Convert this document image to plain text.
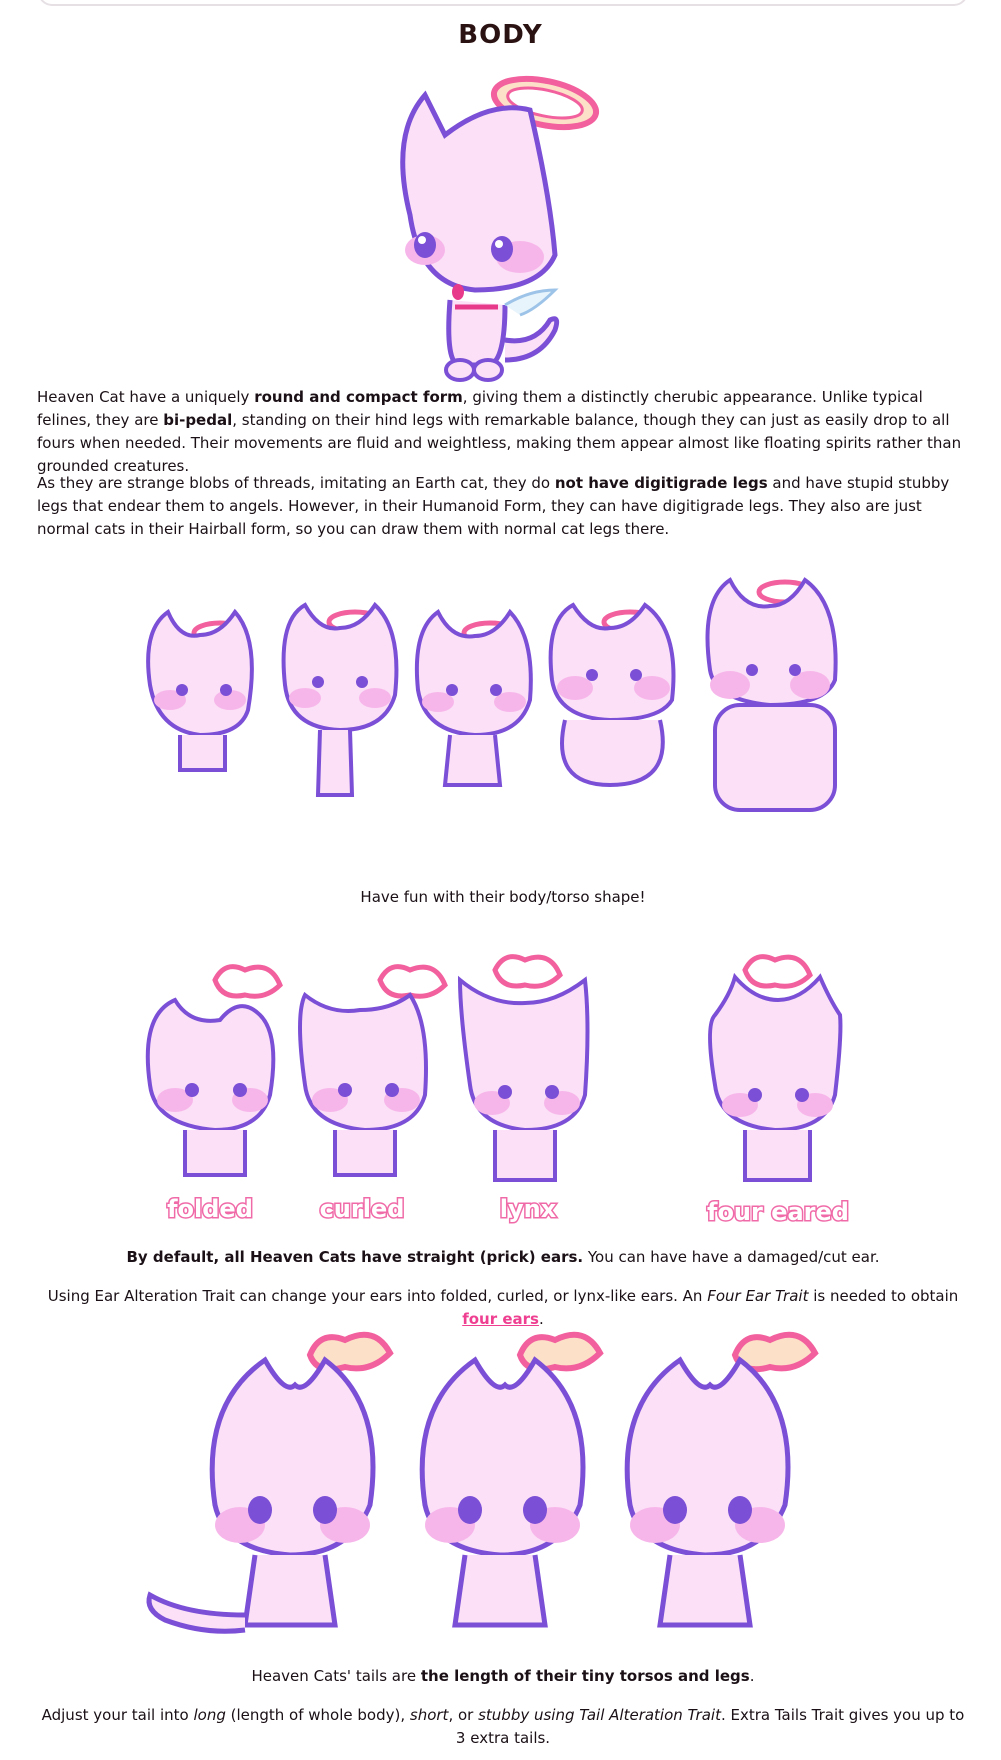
BODY
Heaven Cat have a uniquely round and compact form, giving them a distinctly cherubic appearance. Unlike typical felines, they are bi-pedal, standing on their hind legs with remarkable balance, though they can just as easily drop to all fours when needed. Their movements are fluid and weightless, making them appear almost like floating spirits rather than grounded creatures.
As they are strange blobs of threads, imitating an Earth cat, they do not have digitigrade legs and have stupid stubby legs that endear them to angels. However, in their Humanoid Form, they can have digitigrade legs. They also are just normal cats in their Hairball form, so you can draw them with normal cat legs there.
Have fun with their body/torso shape!
folded	curled	lynx	four eared
By default, all Heaven Cats have straight (prick) ears. You can have have a damaged/cut ear.
Using Ear Alteration Trait can change your ears into folded, curled, or lynx-like ears. An Four Ear Trait is needed to obtain four ears.
Heaven Cats' tails are the length of their tiny torsos and legs.
Adjust your tail into long (length of whole body), short, or stubby using Tail Alteration Trait. Extra Tails Trait gives you up to 3 extra tails.
